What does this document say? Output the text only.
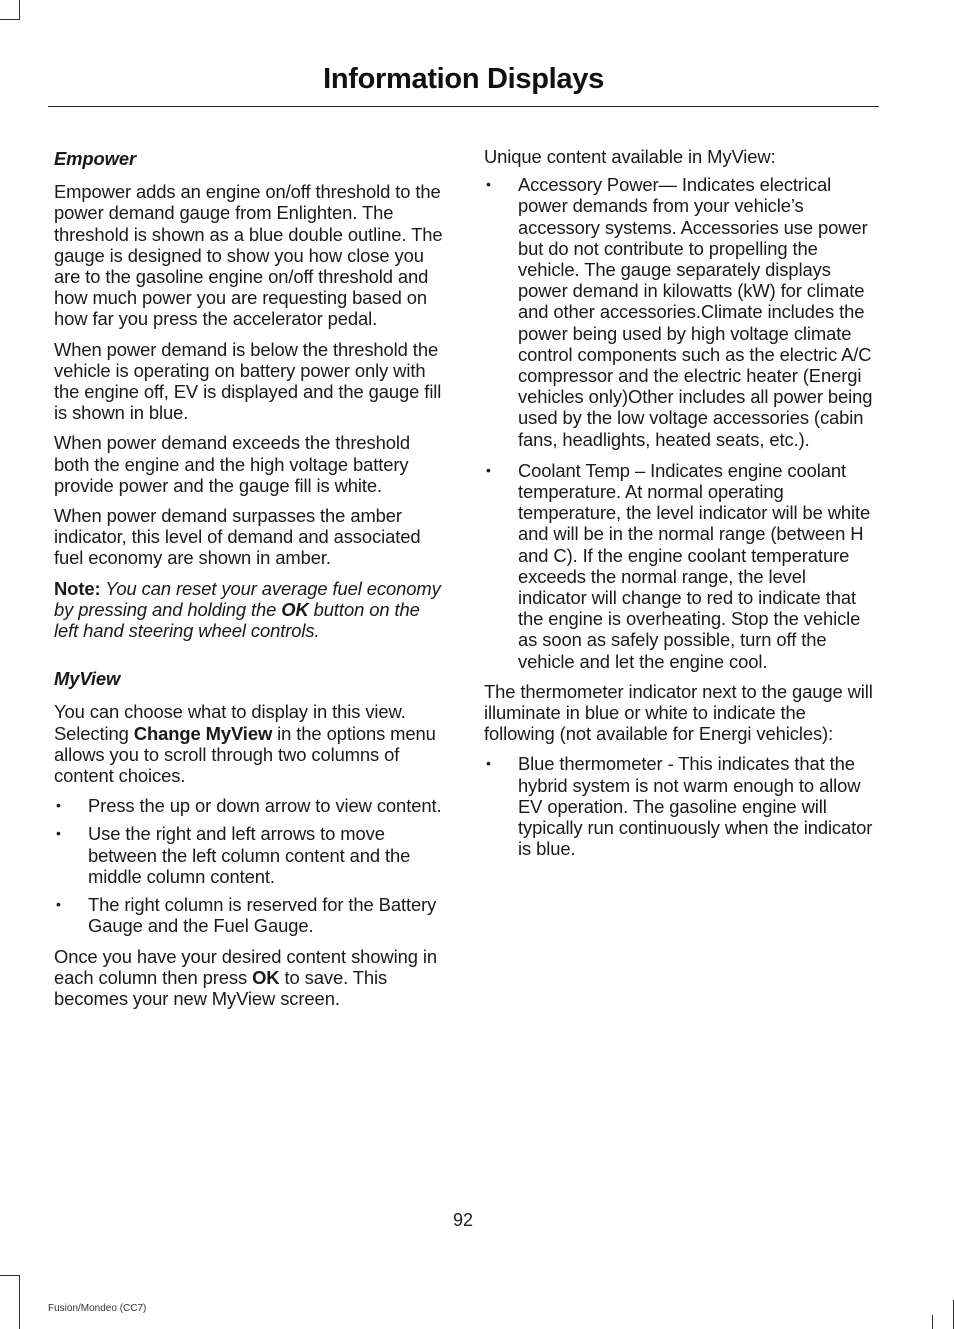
Information Displays
Empower

Empower adds an engine on/off threshold to the power demand gauge from Enlighten. The threshold is shown as a blue double outline. The gauge is designed to show you how close you are to the gasoline engine on/off threshold and how much power you are requesting based on how far you press the accelerator pedal.

When power demand is below the threshold the vehicle is operating on battery power only with the engine off, EV is displayed and the gauge fill is shown in blue.

When power demand exceeds the threshold both the engine and the high voltage battery provide power and the gauge fill is white.

When power demand surpasses the amber indicator, this level of demand and associated fuel economy are shown in amber.

Note: You can reset your average fuel economy by pressing and holding the OK button on the left hand steering wheel controls.

MyView

You can choose what to display in this view. Selecting Change MyView in the options menu allows you to scroll through two columns of content choices.

• Press the up or down arrow to view content.
• Use the right and left arrows to move between the left column content and the middle column content.
• The right column is reserved for the Battery Gauge and the Fuel Gauge.

Once you have your desired content showing in each column then press OK to save. This becomes your new MyView screen.

Unique content available in MyView:

• Accessory Power— Indicates electrical power demands from your vehicle’s accessory systems. Accessories use power but do not contribute to propelling the vehicle. The gauge separately displays power demand in kilowatts (kW) for climate and other accessories.Climate includes the power being used by high voltage climate control components such as the electric A/C compressor and the electric heater (Energi vehicles only)Other includes all power being used by the low voltage accessories (cabin fans, headlights, heated seats, etc.).
• Coolant Temp – Indicates engine coolant temperature. At normal operating temperature, the level indicator will be white and will be in the normal range (between H and C). If the engine coolant temperature exceeds the normal range, the level indicator will change to red to indicate that the engine is overheating. Stop the vehicle as soon as safely possible, turn off the vehicle and let the engine cool.

The thermometer indicator next to the gauge will illuminate in blue or white to indicate the following (not available for Energi vehicles):

• Blue thermometer - This indicates that the hybrid system is not warm enough to allow EV operation. The gasoline engine will typically run continuously when the indicator is blue.
92
Fusion/Mondeo (CC7)
